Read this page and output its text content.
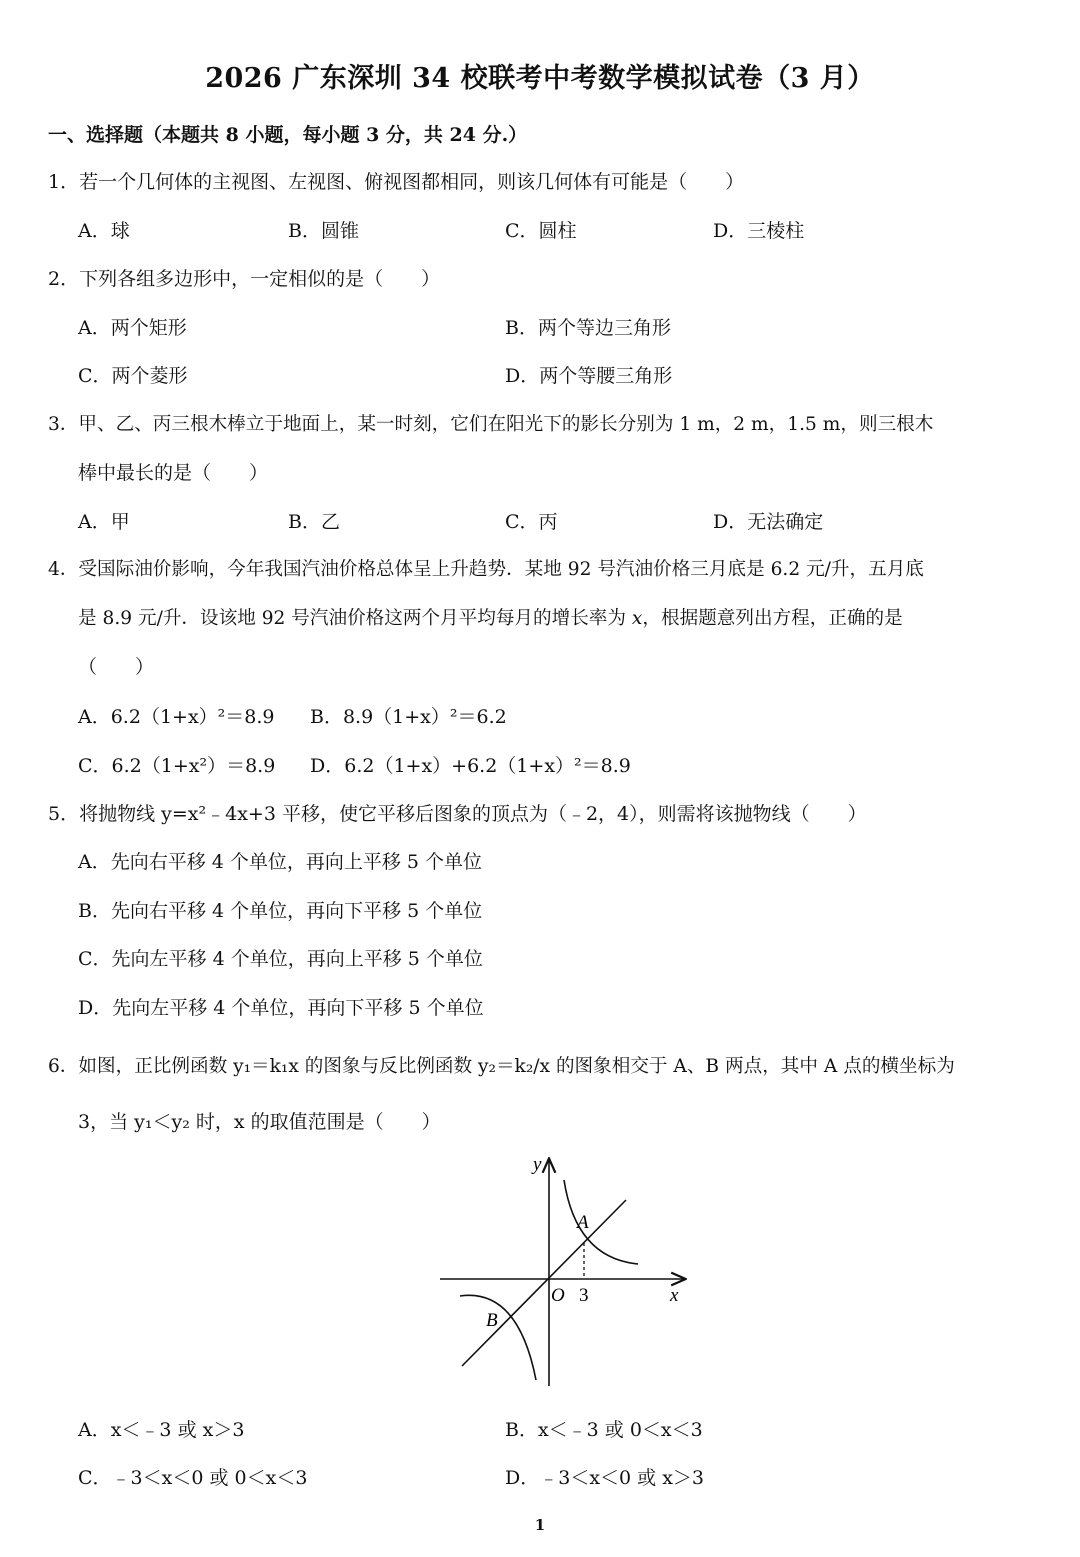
2026 广东深圳 34 校联考中考数学模拟试卷（3 月）
一、选择题（本题共 8 小题，每小题 3 分，共 24 分.）
1．若一个几何体的主视图、左视图、俯视图都相同，则该几何体有可能是（　　）
A．球	B．圆锥	C．圆柱	D．三棱柱
2．下列各组多边形中，一定相似的是（　　）
A．两个矩形	B．两个等边三角形
C．两个菱形	D．两个等腰三角形
3．甲、乙、丙三根木棒立于地面上，某一时刻，它们在阳光下的影长分别为 1 m，2 m，1.5 m，则三根木
棒中最长的是（　　）
A．甲	B．乙	C．丙	D．无法确定
4．受国际油价影响，今年我国汽油价格总体呈上升趋势．某地 92 号汽油价格三月底是 6.2 元/升，五月底
是 8.9 元/升．设该地 92 号汽油价格这两个月平均每月的增长率为 x，根据题意列出方程，正确的是
（　　）
A．6.2（1+x）²＝8.9 B．8.9（1+x）²＝6.2
C．6.2（1+x²）＝8.9 D．6.2（1+x）+6.2（1+x）²＝8.9
5．将抛物线 y=x²﹣4x+3 平移，使它平移后图象的顶点为（﹣2，4），则需将该抛物线（　　）
A．先向右平移 4 个单位，再向上平移 5 个单位
B．先向右平移 4 个单位，再向下平移 5 个单位
C．先向左平移 4 个单位，再向上平移 5 个单位
D．先向左平移 4 个单位，再向下平移 5 个单位
6．如图，正比例函数 y₁＝k₁x 的图象与反比例函数 y₂＝k₂/x 的图象相交于 A、B 两点，其中 A 点的横坐标为
3，当 y₁＜y₂ 时，x 的取值范围是（　　）
y
x
O 3
A
B
A．x＜﹣3 或 x＞3	B．x＜﹣3 或 0＜x＜3
C．﹣3＜x＜0 或 0＜x＜3	D．﹣3＜x＜0 或 x＞3
1
